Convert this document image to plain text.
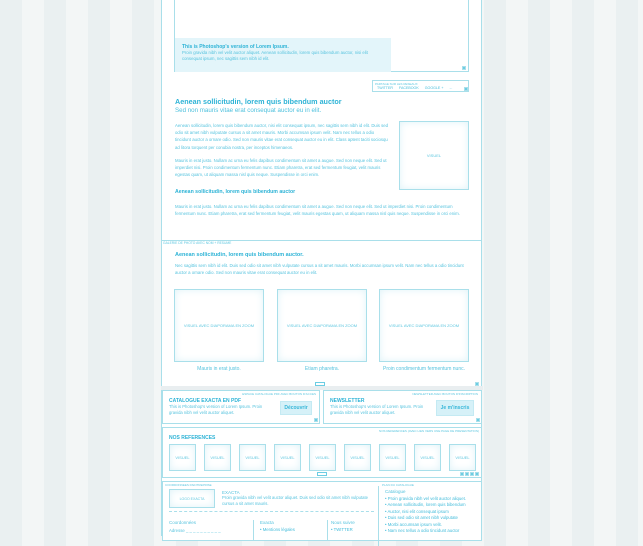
This is Photoshop's version of Lorem Ipsum.
Proin gravida nibh vel velit auctor aliquet. Aenean sollicitudin, lorem quis bibendum auctor, nisi elit consequat ipsum, nec sagittis sem nibh id elit.
PARTAGE SUR LES RESEAUX
TWITTER FACEBOOK GOOGLE + ...
Aenean sollicitudin, lorem quis bibendum auctor
Sed non mauris vitae erat consequat auctor eu in elit.
Aenean sollicitudin, lorem quis bibendum auctor, nisi elit consequat ipsum, nec sagittis sem nibh id elit. Duis sed odio sit amet nibh vulputate cursus a sit amet mauris. Morbi accumsan ipsum velit. Nam nec tellus a odio tincidunt auctor a ornare odio. Sed non mauris vitae erat consequat auctor eu in elit. Class aptent taciti sociosqu ad litora torquent per conubia nostra, per inceptos himenaeos.
Mauris in erat justo. Nullam ac urna eu felis dapibus condimentum sit amet a augue. Sed non neque elit. Sed ut imperdiet nisi. Proin condimentum fermentum nunc. Etiam pharetra, erat sed fermentum feugiat, velit mauris egestas quam, ut aliquam massa nisl quis neque. Suspendisse in orci enim.
VISUEL
Aenean sollicitudin, lorem quis bibendum auctor
Mauris in erat justo. Nullam ac urna eu felis dapibus condimentum sit amet a augue. Sed non neque elit. Sed ut imperdiet nisi. Proin condimentum fermentum nunc. Etiam pharetra, erat sed fermentum feugiat, velit mauris egestas quam, ut aliquam massa nisl quis neque. Suspendisse in orci enim.
GALERIE DE PHOTO AVEC NOM + RESUME
Aenean sollicitudin, lorem quis bibendum auctor.
Nec sagittis sem nibh id elit. Duis sed odio sit amet nibh vulputate cursus a sit amet mauris. Morbi accumsan ipsum velit. Nam nec tellus a odio tincidunt auctor a ornare odio. Sed non mauris vitae erat consequat auctor eu in elit.
VISUEL AVEC DIAPORAMA EN ZOOM	VISUEL AVEC DIAPORAMA EN ZOOM	VISUEL AVEC DIAPORAMA EN ZOOM
Mauris in erat justo.	Etiam pharetra.	Proin condimentum fermentum nunc.
ESPACE CATALOGUE PDF AVEC BOUTON D'ACCES
CATALOGUE EXACTA EN PDF
This is Photoshop's version of Lorem Ipsum. Proin gravida nibh vel velit auctor aliquet.
Découvrir
NEWSLETTER AVEC BOUTON D'INSCRIPTION
NEWSLETTER
This is Photoshop's version of Lorem Ipsum. Proin gravida nibh vel velit auctor aliquet.
Je m'inscris
NOS REFERENCES (AVEC LIEN VERS UNE PAGE DE PRESENTATION)
NOS REFERENCES
VISUEL	VISUEL	VISUEL	VISUEL	VISUEL	VISUEL	VISUEL	VISUEL	VISUEL
COORDONNEES D'ENTREPRISE
LOGO EXACTA
EXACTA
Proin gravida nibh vel velit auctor aliquet. Duis sed odio sit amet nibh vulputate cursus a sit amet mauris.
Coordonnées
Adresse _ _ _ _ _ _ _ _ _ _
Exacta
• Mentions légales
Nous suivre
• TWITTER
PLAN DU CATALOGUE
Catalogue
• Proin gravida nibh vel velit auctor aliquet.
• Aenean sollicitudin, lorem quis bibendum
• Auctor, nisi elit consequat ipsum
• Duis sed odio sit amet nibh vulputate
• Morbi accumsan ipsum velit.
• Nam nec tellus a odio tincidunt auctor
